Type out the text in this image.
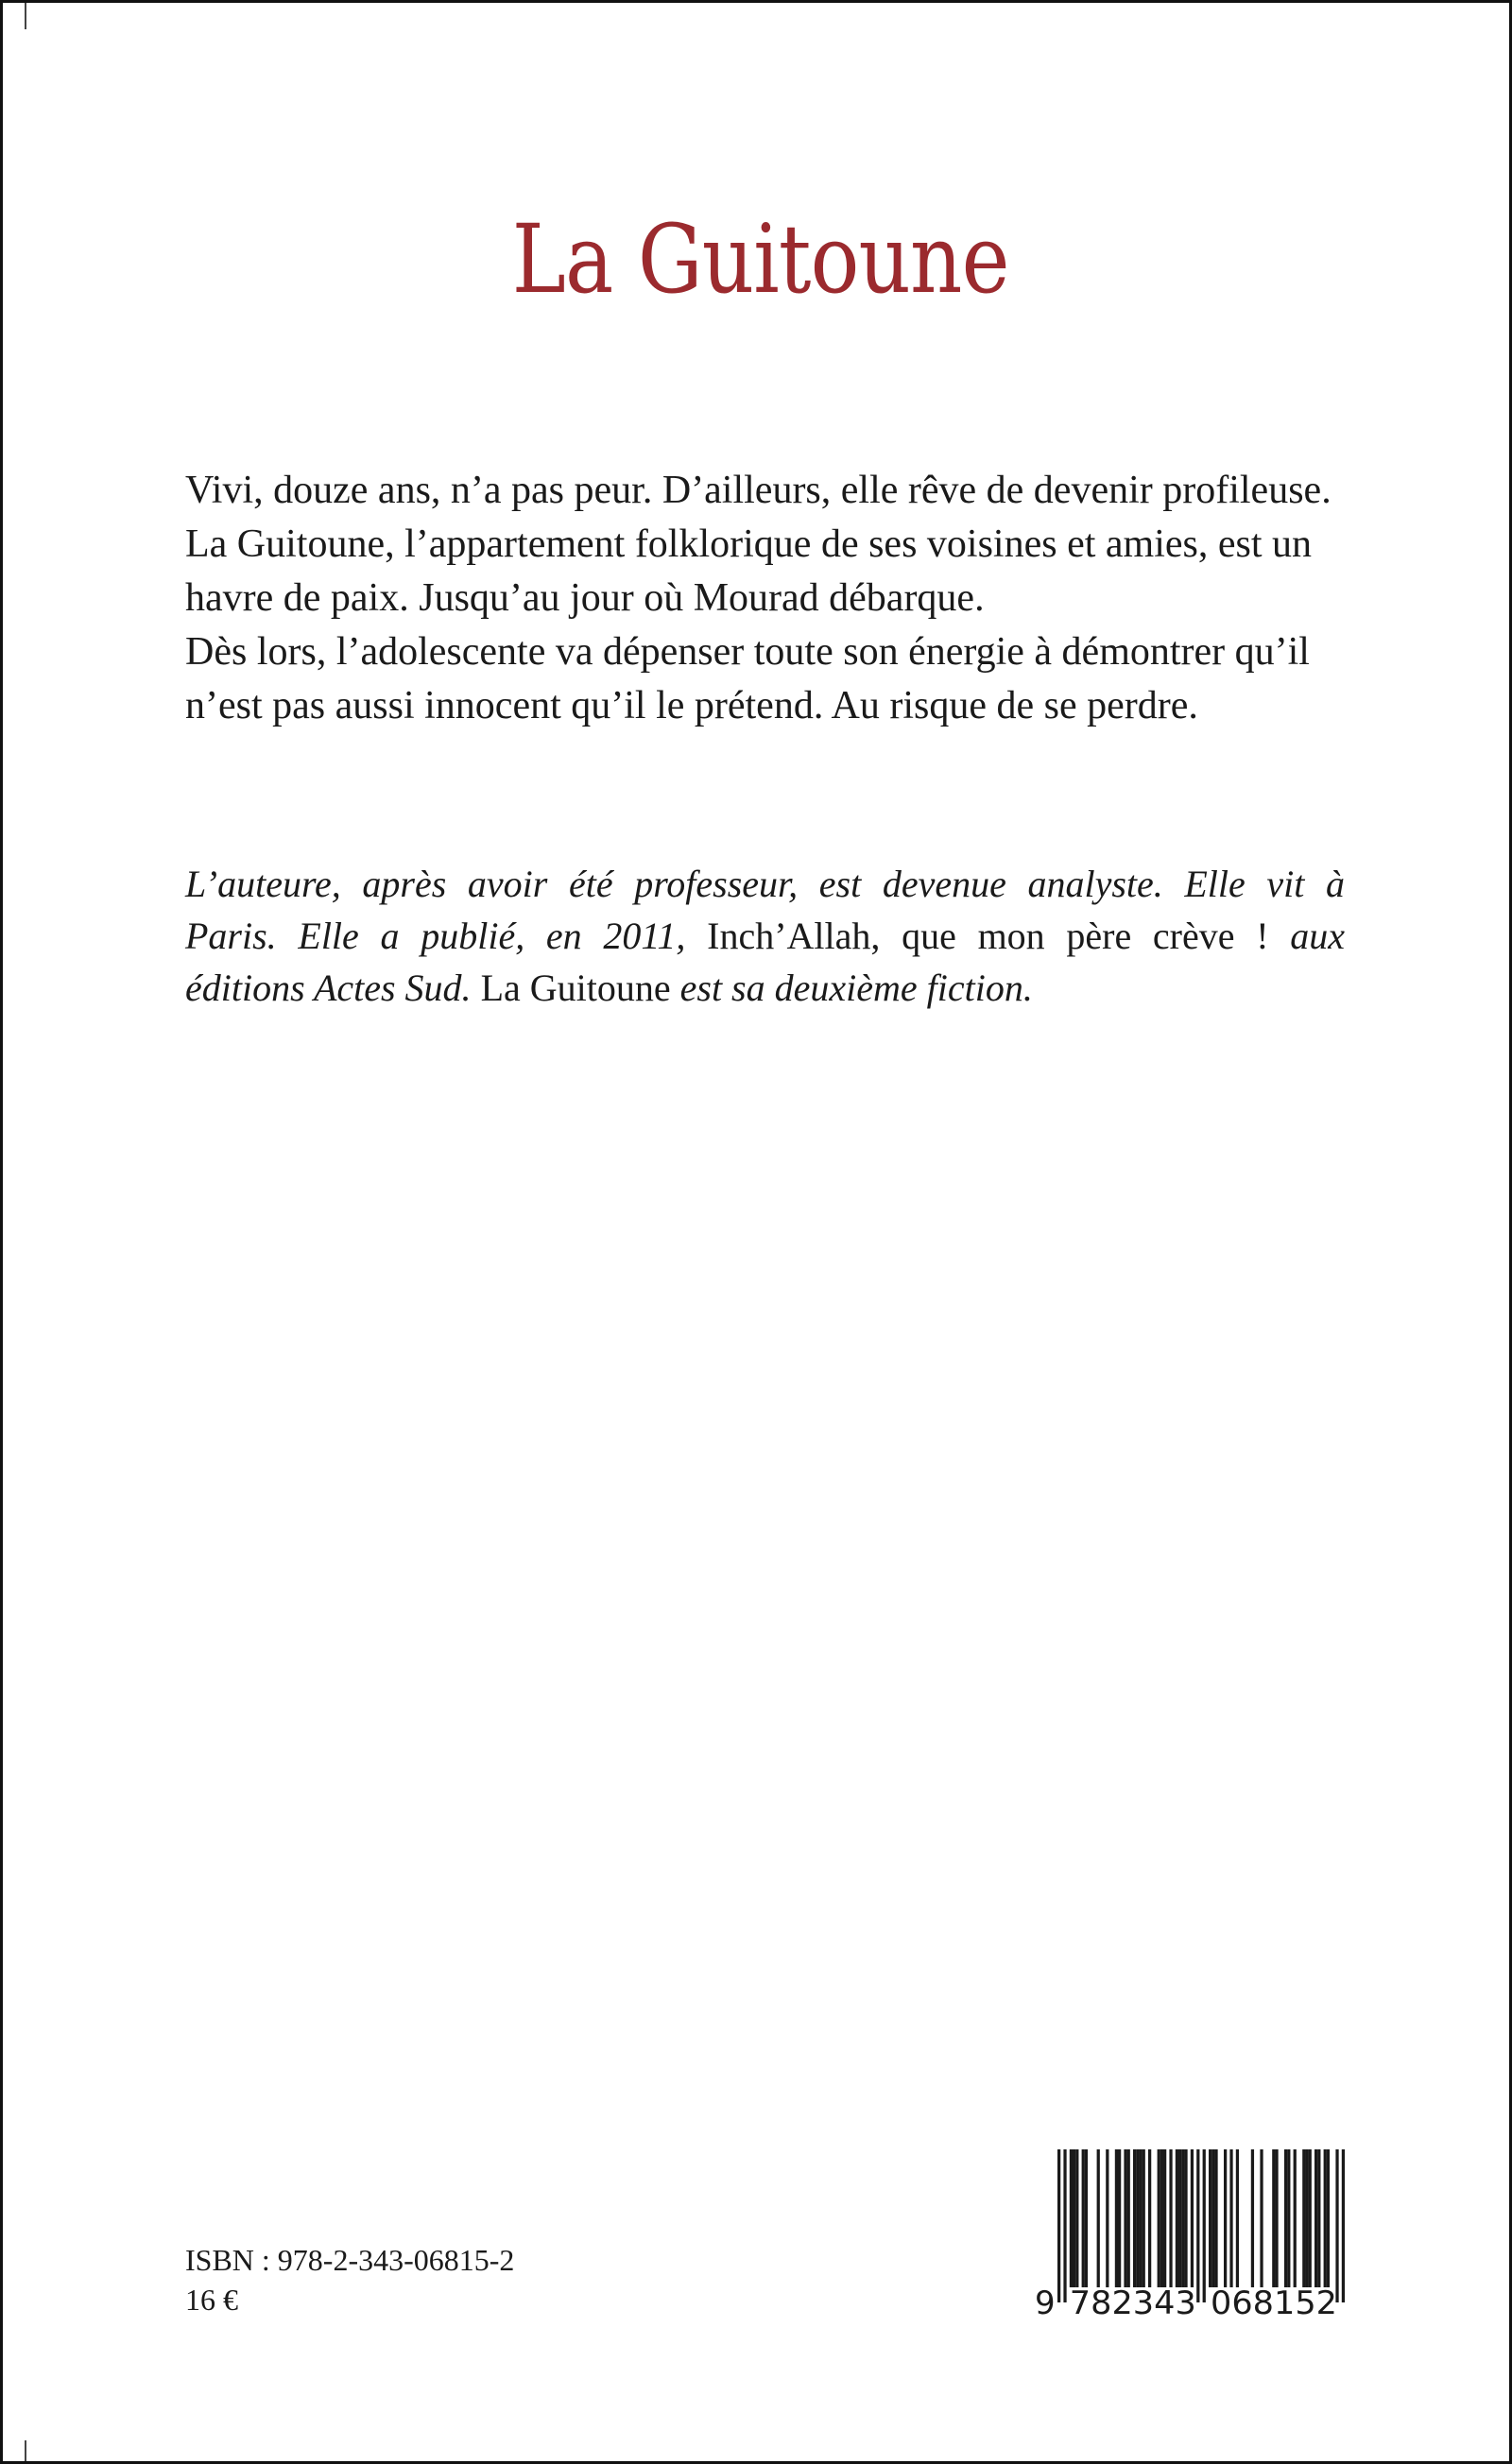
La Guitoune
Vivi, douze ans, n’a pas peur. D’ailleurs, elle rêve de devenir profileuse.
La Guitoune, l’appartement folklorique de ses voisines et amies, est un
havre de paix. Jusqu’au jour où Mourad débarque.
Dès lors, l’adolescente va dépenser toute son énergie à démontrer qu’il
n’est pas aussi innocent qu’il le prétend. Au risque de se perdre.
L’auteure, après avoir été professeur, est devenue analyste. Elle vit à
Paris. Elle a publié, en 2011, Inch’Allah, que mon père crève ! aux
éditions Actes Sud. La Guitoune est sa deuxième fiction.
ISBN : 978-2-343-06815-2
16 €	9 782343 068152
